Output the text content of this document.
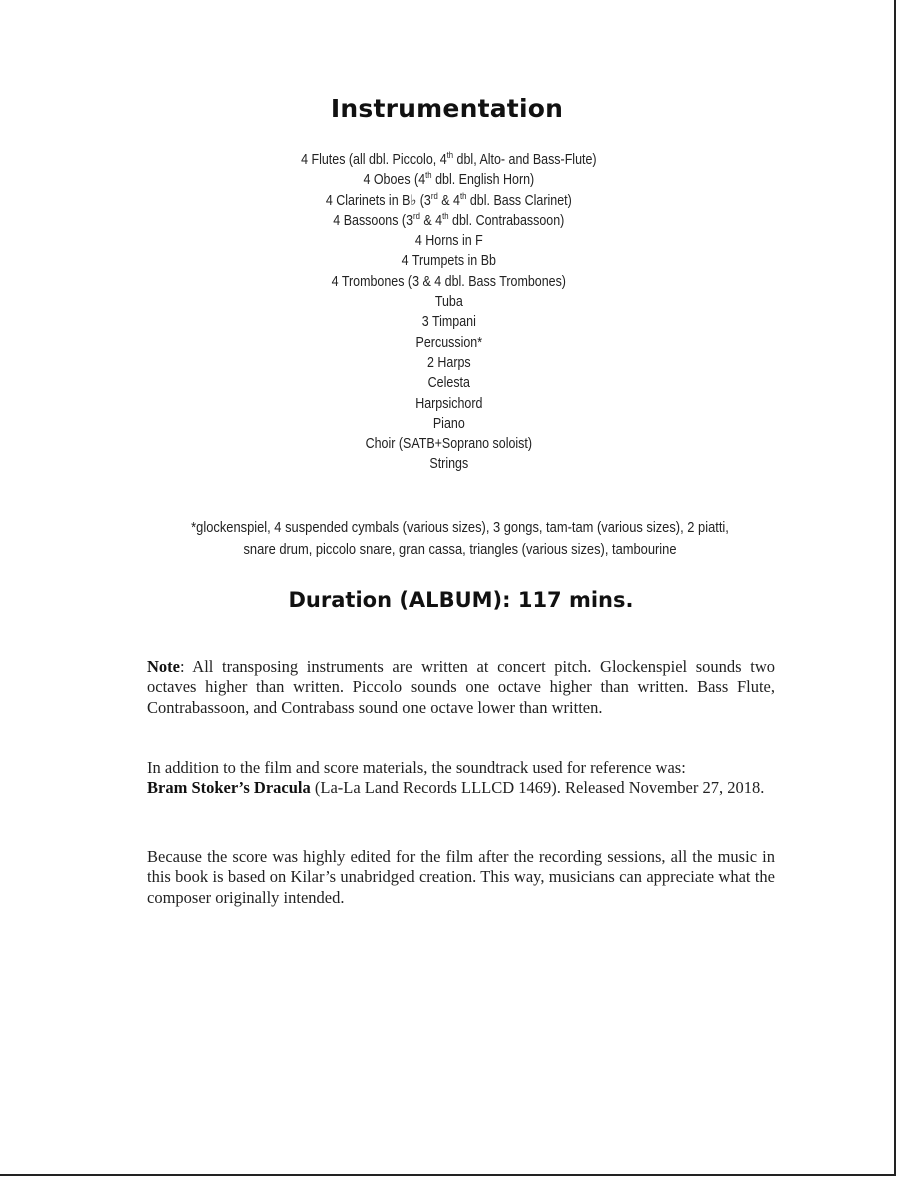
Instrumentation
4 Flutes (all dbl. Piccolo, 4th dbl, Alto- and Bass-Flute)
4 Oboes (4th dbl. English Horn)
4 Clarinets in B♭ (3rd & 4th dbl. Bass Clarinet)
4 Bassoons (3rd & 4th dbl. Contrabassoon)
4 Horns in F
4 Trumpets in Bb
4 Trombones (3 & 4 dbl. Bass Trombones)
Tuba
3 Timpani
Percussion*
2 Harps
Celesta
Harpsichord
Piano
Choir (SATB+Soprano soloist)
Strings
*glockenspiel, 4 suspended cymbals (various sizes), 3 gongs, tam-tam (various sizes), 2 piatti,
snare drum, piccolo snare, gran cassa, triangles (various sizes), tambourine
Duration (ALBUM): 117 mins.

Note: All transposing instruments are written at concert pitch. Glockenspiel sounds two octaves higher than written. Piccolo sounds one octave higher than written. Bass Flute, Contrabassoon, and Contrabass sound one octave lower than written.

In addition to the film and score materials, the soundtrack used for reference was:
Bram Stoker’s Dracula (La-La Land Records LLLCD 1469). Released November 27, 2018.

Because the score was highly edited for the film after the recording sessions, all the music in this book is based on Kilar’s unabridged creation. This way, musicians can appreciate what the composer originally intended.
